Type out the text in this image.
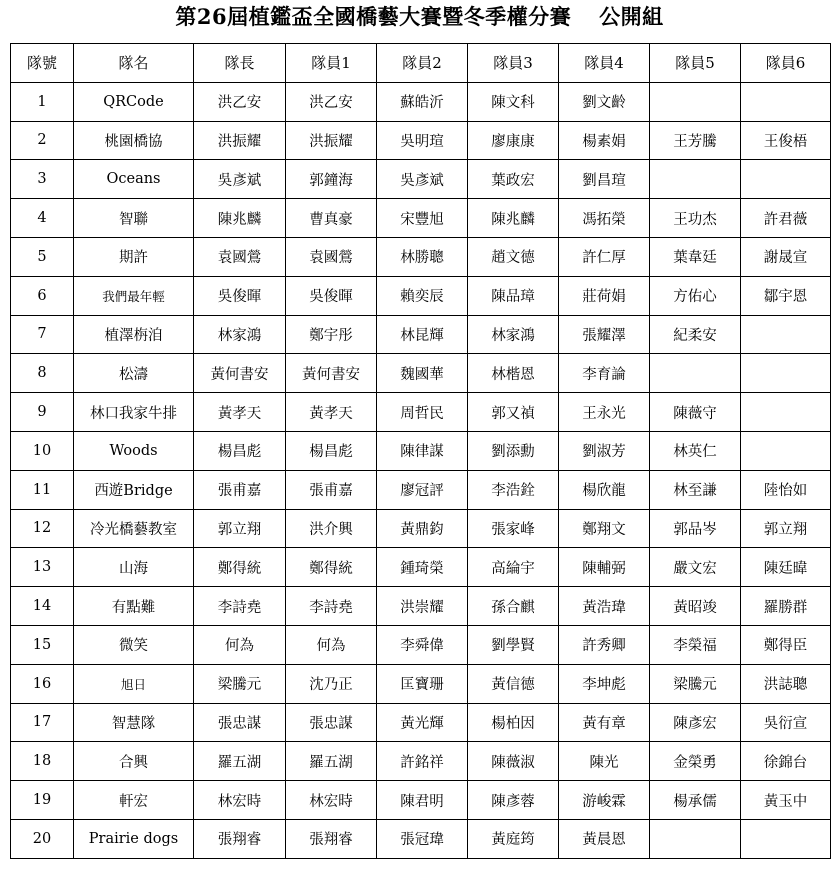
第26屆植鑑盃全國橋藝大賽暨冬季權分賽 公開組
隊號	隊名	隊長	隊員1	隊員2	隊員3	隊員4	隊員5	隊員6
1	QRCode	洪乙安	洪乙安	蘇皓沂	陳文科	劉文齡		
2	桃園橋協	洪振耀	洪振耀	吳明瑄	廖康康	楊素娟	王芳騰	王俊梧
3	Oceans	吳彥斌	郭鐘海	吳彥斌	葉政宏	劉昌瑄		
4	智聯	陳兆麟	曹真豪	宋豐旭	陳兆麟	馮拓榮	王功杰	許君薇
5	期許	袁國鶯	袁國鶯	林勝聰	趙文德	許仁厚	葉韋廷	謝晟宣
6	我們最年輕	吳俊暉	吳俊暉	賴奕辰	陳品璋	莊荷娟	方佑心	鄒宇恩
7	植澤栴洎	林家鴻	鄭宇彤	林昆輝	林家鴻	張耀澤	紀柔安	
8	松濤	黃何書安	黃何書安	魏國華	林楷恩	李育論		
9	林口我家牛排	黃孝天	黃孝天	周哲民	郭又禎	王永光	陳薇守	
10	Woods	楊昌彪	楊昌彪	陳律謀	劉添勳	劉淑芳	林英仁	
11	西遊Bridge	張甫嘉	張甫嘉	廖冠評	李浩銓	楊欣龍	林至謙	陸怡如
12	冷光橋藝教室	郭立翔	洪介興	黃鼎鈞	張家峰	鄭翔文	郭品岑	郭立翔
13	山海	鄭得統	鄭得統	鍾琦榮	高綸宇	陳輔弼	嚴文宏	陳廷暐
14	有點難	李詩堯	李詩堯	洪崇耀	孫合麒	黃浩瑋	黃昭竣	羅勝群
15	微笑	何為	何為	李舜偉	劉學賢	許秀卿	李榮福	鄭得臣
16	旭日	梁騰元	沈乃正	匡寶珊	黃信德	李坤彪	梁騰元	洪誌聰
17	智慧隊	張忠謀	張忠謀	黃光輝	楊柏因	黃有章	陳彥宏	吳衍宣
18	合興	羅五湖	羅五湖	許銘祥	陳薇淑	陳光	金榮勇	徐錦台
19	軒宏	林宏時	林宏時	陳君明	陳彥蓉	游峻霖	楊承儒	黃玉中
20	Prairie dogs	張翔睿	張翔睿	張冠瑋	黃庭筠	黃晨恩		
